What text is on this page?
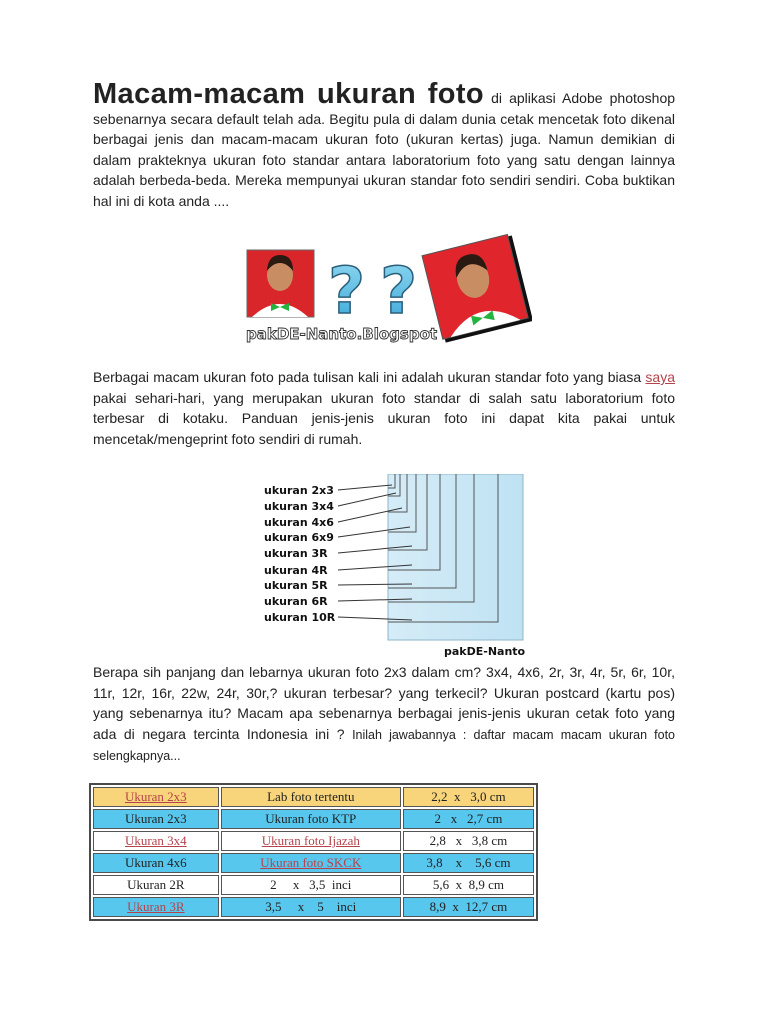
Macam-macam ukuran foto di aplikasi Adobe photoshop sebenarnya secara default telah ada. Begitu pula di dalam dunia cetak mencetak foto dikenal berbagai jenis dan macam-macam ukuran foto (ukuran kertas) juga. Namun demikian di dalam prakteknya ukuran foto standar antara laboratorium foto yang satu dengan lainnya adalah berbeda-beda. Mereka mempunyai ukuran standar foto sendiri sendiri. Coba buktikan hal ini di kota anda ....

? ?
pakDE-Nanto.Blogspot

Berbagai macam ukuran foto pada tulisan kali ini adalah ukuran standar foto yang biasa saya pakai sehari-hari, yang merupakan ukuran foto standar di salah satu laboratorium foto terbesar di kotaku. Panduan jenis-jenis ukuran foto ini dapat kita pakai untuk mencetak/mengeprint foto sendiri di rumah.

ukuran 2x3
ukuran 3x4
ukuran 4x6
ukuran 6x9
ukuran 3R
ukuran 4R
ukuran 5R
ukuran 6R
ukuran 10R
pakDE-Nanto

Berapa sih panjang dan lebarnya ukuran foto 2x3 dalam cm? 3x4, 4x6, 2r, 3r, 4r, 5r, 6r, 10r, 11r, 12r, 16r, 22w, 24r, 30r,? ukuran terbesar? yang terkecil? Ukuran postcard (kartu pos) yang sebenarnya itu? Macam apa sebenarnya berbagai jenis-jenis ukuran cetak foto yang ada di negara tercinta Indonesia ini ? Inilah jawabannya : daftar macam macam ukuran foto selengkapnya...

Ukuran 2x3	Lab foto tertentu	2,2  x   3,0 cm
Ukuran 2x3	Ukuran foto KTP	2   x   2,7 cm
Ukuran 3x4	Ukuran foto Ijazah	2,8   x   3,8 cm
Ukuran 4x6	Ukuran foto SKCK	3,8    x    5,6 cm
Ukuran 2R	2     x   3,5  inci	5,6  x  8,9 cm
Ukuran 3R	3,5     x    5    inci	8,9  x  12,7 cm
